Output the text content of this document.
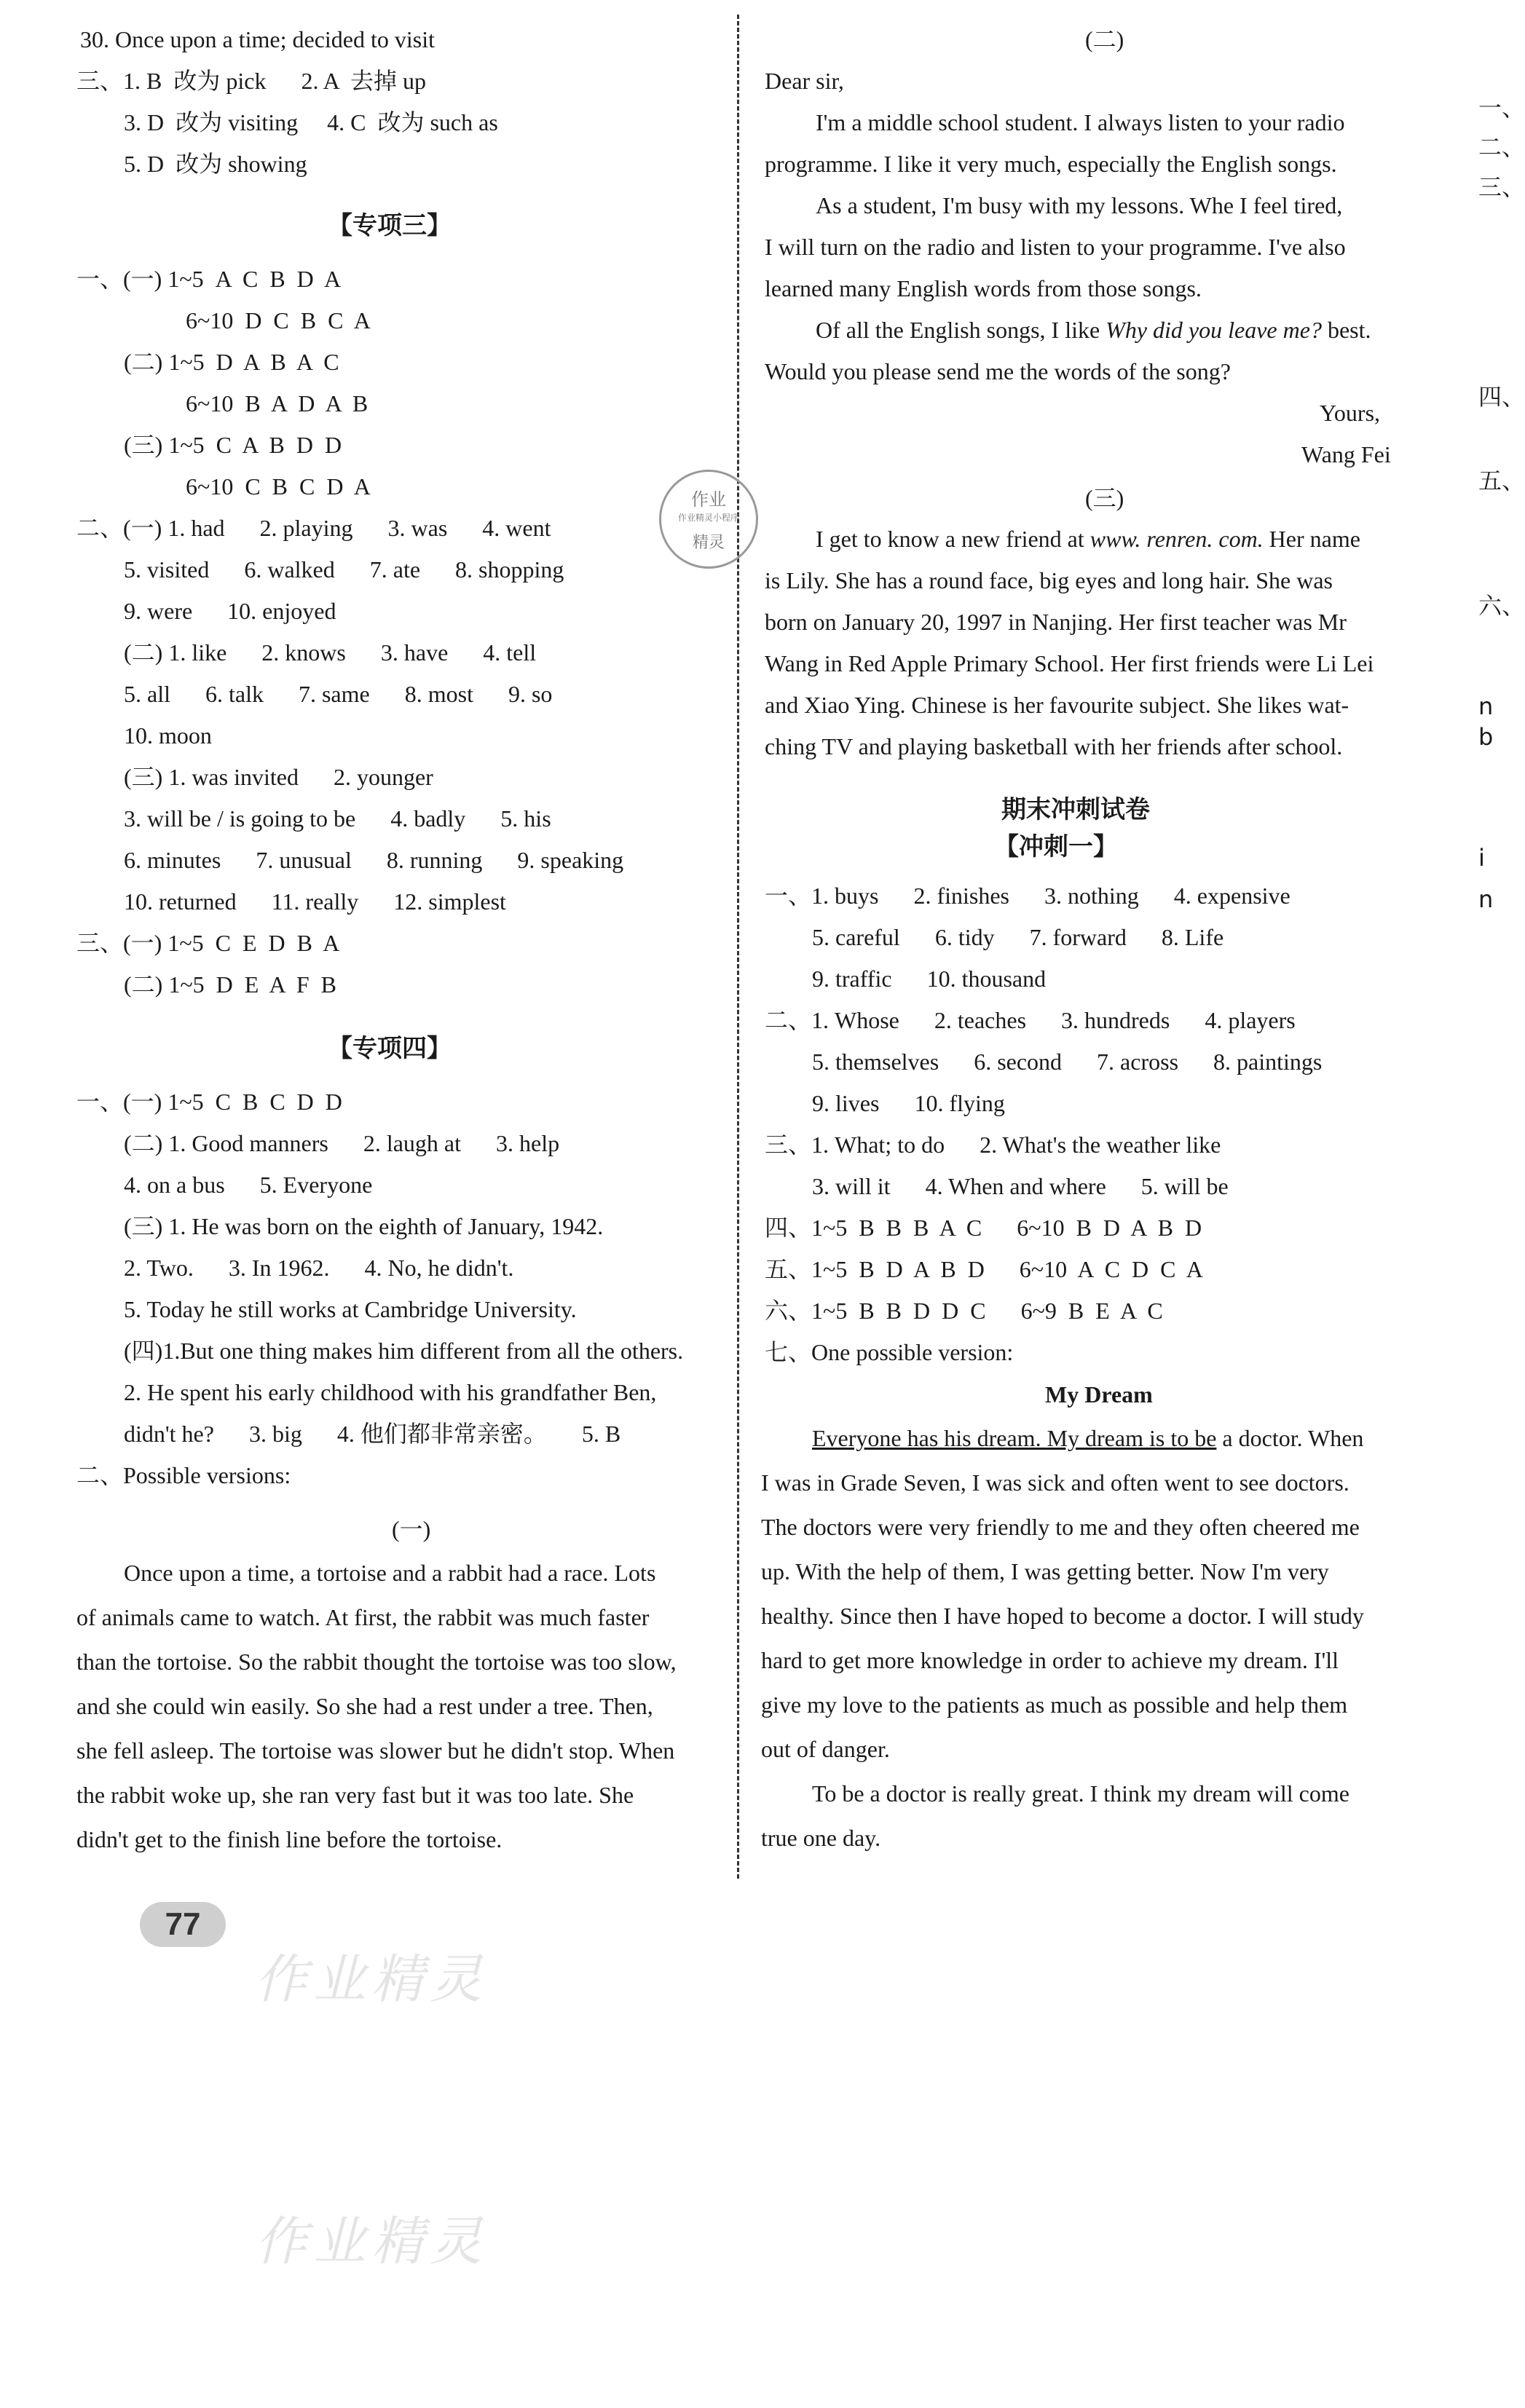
30. Once upon a time; decided to visit
三、1. B  改为 pick      2. A  去掉 up
3. D  改为 visiting     4. C  改为 such as
5. D  改为 showing
【专项三】
一、(一) 1~5  A  C  B  D  A
6~10  D  C  B  C  A
(二) 1~5  D  A  B  A  C
6~10  B  A  D  A  B
(三) 1~5  C  A  B  D  D
6~10  C  B  C  D  A
二、(一) 1. had      2. playing      3. was      4. went
5. visited      6. walked      7. ate      8. shopping
9. were      10. enjoyed
(二) 1. like      2. knows      3. have      4. tell
5. all      6. talk      7. same      8. most      9. so
10. moon
(三) 1. was invited      2. younger
3. will be / is going to be      4. badly      5. his
6. minutes      7. unusual      8. running      9. speaking
10. returned      11. really      12. simplest
三、(一) 1~5  C  E  D  B  A
(二) 1~5  D  E  A  F  B
【专项四】
一、(一) 1~5  C  B  C  D  D
(二) 1. Good manners      2. laugh at      3. help
4. on a bus      5. Everyone
(三) 1. He was born on the eighth of January, 1942.
2. Two.      3. In 1962.      4. No, he didn't.
5. Today he still works at Cambridge University.
(四)1.But one thing makes him different from all the others.
2. He spent his early childhood with his grandfather Ben,
didn't he?      3. big      4. 他们都非常亲密。      5. B
二、Possible versions:
(一)
Once upon a time, a tortoise and a rabbit had a race. Lots
of animals came to watch. At first, the rabbit was much faster
than the tortoise. So the rabbit thought the tortoise was too slow,
and she could win easily. So she had a rest under a tree. Then,
she fell asleep. The tortoise was slower but he didn't stop. When
the rabbit woke up, she ran very fast but it was too late. She
didn't get to the finish line before the tortoise.
(二)
Dear sir,
I'm a middle school student. I always listen to your radio
programme. I like it very much, especially the English songs.
As a student, I'm busy with my lessons. Whe I feel tired,
I will turn on the radio and listen to your programme. I've also
learned many English words from those songs.
Of all the English songs, I like Why did you leave me? best.
Would you please send me the words of the song?
Yours,
Wang Fei
(三)
I get to know a new friend at www. renren. com. Her name
is Lily. She has a round face, big eyes and long hair. She was
born on January 20, 1997 in Nanjing. Her first teacher was Mr
Wang in Red Apple Primary School. Her first friends were Li Lei
and Xiao Ying. Chinese is her favourite subject. She likes wat-
ching TV and playing basketball with her friends after school.
期末冲刺试卷
【冲刺一】
一、1. buys      2. finishes      3. nothing      4. expensive
5. careful      6. tidy      7. forward      8. Life
9. traffic      10. thousand
二、1. Whose      2. teaches      3. hundreds      4. players
5. themselves      6. second      7. across      8. paintings
9. lives      10. flying
三、1. What; to do      2. What's the weather like
3. will it      4. When and where      5. will be
四、1~5  B  B  B  A  C      6~10  B  D  A  B  D
五、1~5  B  D  A  B  D      6~10  A  C  D  C  A
六、1~5  B  B  D  D  C      6~9  B  E  A  C
七、One possible version:
My Dream
Everyone has his dream. My dream is to be a doctor. When
I was in Grade Seven, I was sick and often went to see doctors.
The doctors were very friendly to me and they often cheered me
up. With the help of them, I was getting better. Now I'm very
healthy. Since then I have hoped to become a doctor. I will study
hard to get more knowledge in order to achieve my dream. I'll
give my love to the patients as much as possible and help them
out of danger.
To be a doctor is really great. I think my dream will come
true one day.
一、
二、
三、
四、
五、
六、
n
b
i
n
作业
作业精灵小程序
精灵
77
作业精灵
作业精灵
